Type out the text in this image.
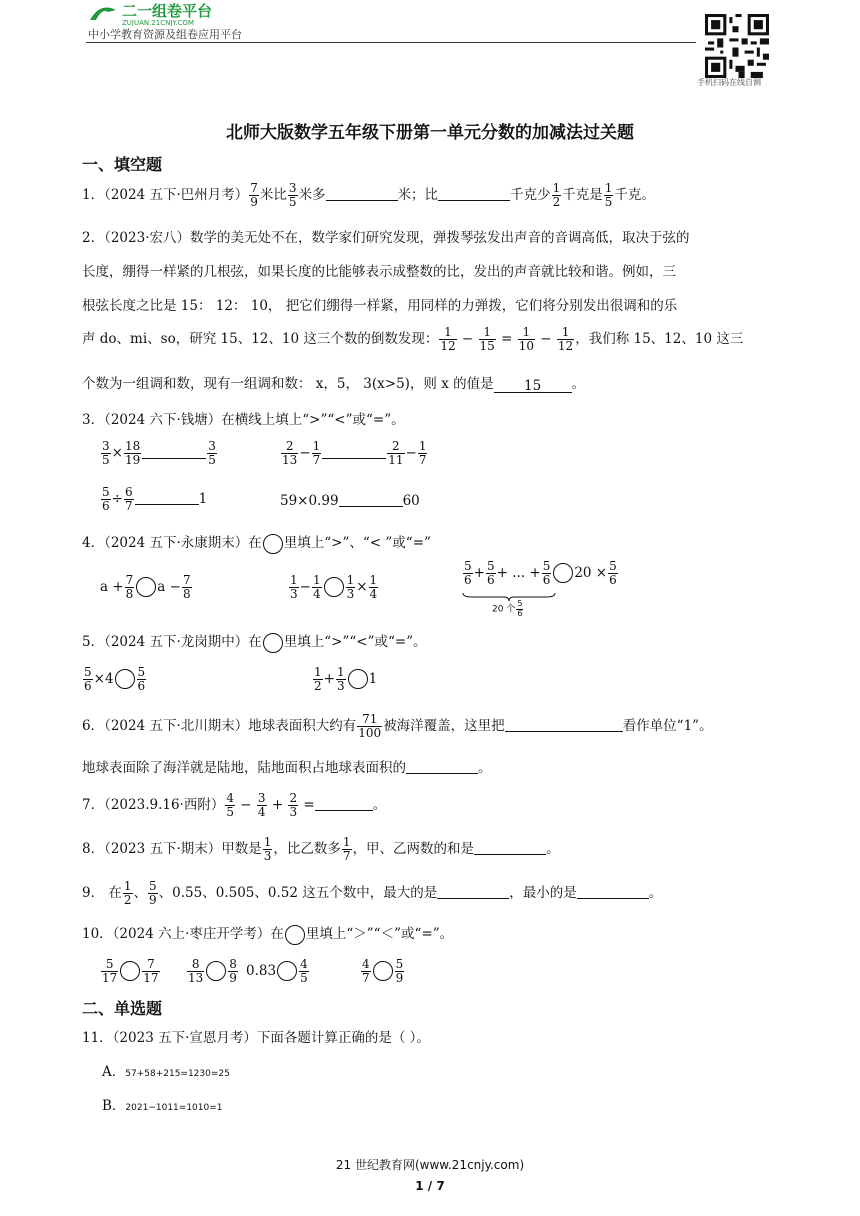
二一组卷平台
ZUJUAN.21CNJY.COM
中小学教育资源及组卷应用平台
手机扫码在线自测
北师大版数学五年级下册第一单元分数的加减法过关题
一、填空题
1．（2024 五下·巴州月考） $\frac{7}{9}$ 米比 $\frac{3}{5}$ 米多	米；比	千克少 $\frac{1}{2}$ 千克是 $\frac{1}{5}$ 千克。
2．（2023·宏八）数学的美无处不在，数学家们研究发现，弹拨琴弦发出声音的音调高低，取决于弦的
长度，绷得一样紧的几根弦，如果长度的比能够表示成整数的比，发出的声音就比较和谐。例如，三
根弦长度之比是 15： 12： 10， 把它们绷得一样紧，用同样的力弹拨，它们将分别发出很调和的乐
声 do、mi、so，研究 15、12、10 这三个数的倒数发现： $\frac{1}{12} - \frac{1}{15} = \frac{1}{10} - \frac{1}{12}$ ，我们称 15、12、10 这三
个数为一组调和数，现有一组调和数： x，5， 3(x>5)，则 x 的值是 15 。
3．（2024 六下·钱塘）在横线上填上“>”“<”或“=”。
$\frac{3}{5} \times \frac{18}{19}$	$\frac{3}{5}$	$\frac{2}{13} - \frac{1}{7}$	$\frac{2}{11} - \frac{1}{7}$
$\frac{5}{6} \div \frac{6}{7}$	1	59×0.99	60
4．（2024 五下·永康期末）在 里填上“>”、“< ”或“=”
$a + \frac{7}{8}$ $a - \frac{7}{8}$	$\frac{1}{3} - \frac{1}{4} \frac{1}{3} \times \frac{1}{4}$
$\frac{5}{6} + \frac{5}{6}$ + ... + $\frac{5}{6} 20 \times \frac{5}{6}$
20 个 $\frac{5}{6}$
5．（2024 五下·龙岗期中）在 里填上“>”“<”或“=”。
$\frac{5}{6} \times 4 \frac{5}{6}$	$\frac{1}{2} + \frac{1}{3} 1$
6．（2024 五下·北川期末）地球表面积大约有 $\frac{71}{100}$ 被海洋覆盖，这里把	看作单位“1”。
地球表面除了海洋就是陆地，陆地面积占地球表面积的	。
7．（2023.9.16·西附） $\frac{4}{5} - \frac{3}{4} + \frac{2}{3}$ =	。
8．（2023 五下·期末）甲数是 $\frac{1}{3}$ ，比乙数多 $\frac{1}{7}$ ，甲、乙两数的和是	。
9． 在 $\frac{1}{2}$ 、 $\frac{5}{9}$ 、0.55、0.505、0.52 这五个数中，最大的是	，最小的是	。
10．（2024 六上·枣庄开学考）在 里填上“＞”“＜”或“=”。
$\frac{5}{17} \frac{7}{17} \frac{8}{13} \frac{8}{9} 0.83 \frac{4}{5}$	$\frac{4}{7} \frac{5}{9}$
二、单选题
11．（2023 五下·宣恩月考）下面各题计算正确的是（ ）。
A．57+58+215=1230=25
B．2021−1011=1010=1
21 世纪教育网(www.21cnjy.com)
1 / 7
